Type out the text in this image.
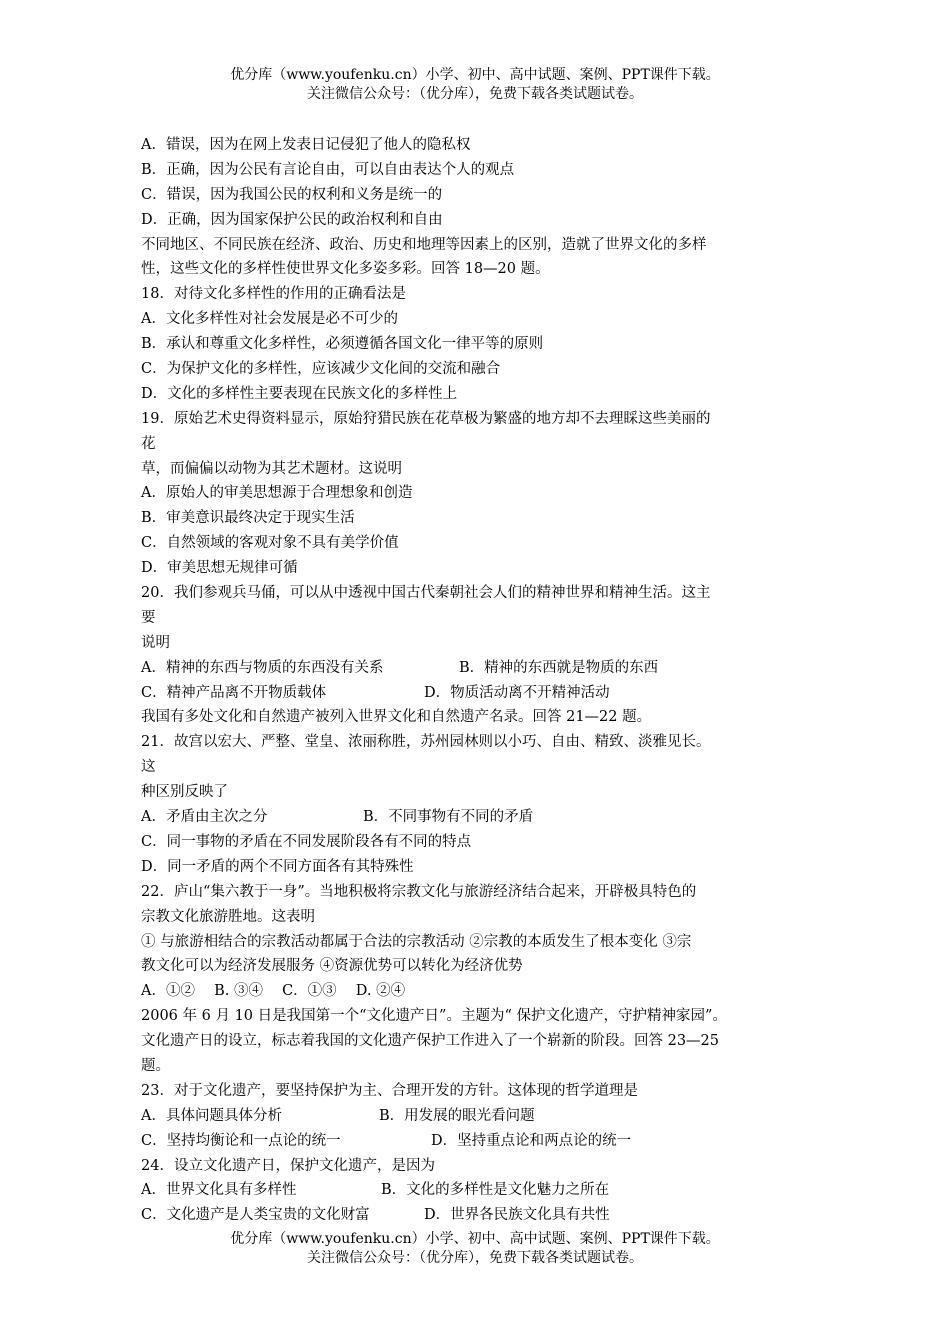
优分库（www.youfenku.cn）小学、初中、高中试题、案例、PPT课件下载。
关注微信公众号：（优分库），免费下载各类试题试卷。
A．错误，因为在网上发表日记侵犯了他人的隐私权
B．正确，因为公民有言论自由，可以自由表达个人的观点
C．错误，因为我国公民的权利和义务是统一的
D．正确，因为国家保护公民的政治权利和自由
不同地区、不同民族在经济、政治、历史和地理等因素上的区别，造就了世界文化的多样
性，这些文化的多样性使世界文化多姿多彩。回答 18—20 题。
18．对待文化多样性的作用的正确看法是
A．文化多样性对社会发展是必不可少的
B．承认和尊重文化多样性，必须遵循各国文化一律平等的原则
C．为保护文化的多样性，应该减少文化间的交流和融合
D．文化的多样性主要表现在民族文化的多样性上
19．原始艺术史得资料显示，原始狩猎民族在花草极为繁盛的地方却不去理睬这些美丽的
花
草，而偏偏以动物为其艺术题材。这说明
A．原始人的审美思想源于合理想象和创造
B．审美意识最终决定于现实生活
C．自然领域的客观对象不具有美学价值
D．审美思想无规律可循
20．我们参观兵马俑，可以从中透视中国古代秦朝社会人们的精神世界和精神生活。这主
要
说明
A．精神的东西与物质的东西没有关系	B．精神的东西就是物质的东西
C．精神产品离不开物质载体	D．物质活动离不开精神活动
我国有多处文化和自然遗产被列入世界文化和自然遗产名录。回答 21—22 题。
21．故宫以宏大、严整、堂皇、浓丽称胜，苏州园林则以小巧、自由、精致、淡雅见长。
这
种区别反映了
A．矛盾由主次之分	B．不同事物有不同的矛盾
C．同一事物的矛盾在不同发展阶段各有不同的特点
D．同一矛盾的两个不同方面各有其特殊性
22．庐山“集六教于一身”。当地积极将宗教文化与旅游经济结合起来，开辟极具特色的
宗教文化旅游胜地。这表明
① 与旅游相结合的宗教活动都属于合法的宗教活动 ②宗教的本质发生了根本变化 ③宗
教文化可以为经济发展服务 ④资源优势可以转化为经济优势
A．①②　 B. ③④　 C．①③　 D. ②④
2006 年 6 月 10 日是我国第一个“文化遗产日”。主题为“ 保护文化遗产，守护精神家园”。
文化遗产日的设立，标志着我国的文化遗产保护工作进入了一个崭新的阶段。回答 23—25
题。
23．对于文化遗产，要坚持保护为主、合理开发的方针。这体现的哲学道理是
A．具体问题具体分析	B．用发展的眼光看问题
C．坚持均衡论和一点论的统一	D．坚持重点论和两点论的统一
24．设立文化遗产日，保护文化遗产，是因为
A．世界文化具有多样性	B．文化的多样性是文化魅力之所在
C．文化遗产是人类宝贵的文化财富	D．世界各民族文化具有共性
优分库（www.youfenku.cn）小学、初中、高中试题、案例、PPT课件下载。
关注微信公众号：（优分库），免费下载各类试题试卷。
